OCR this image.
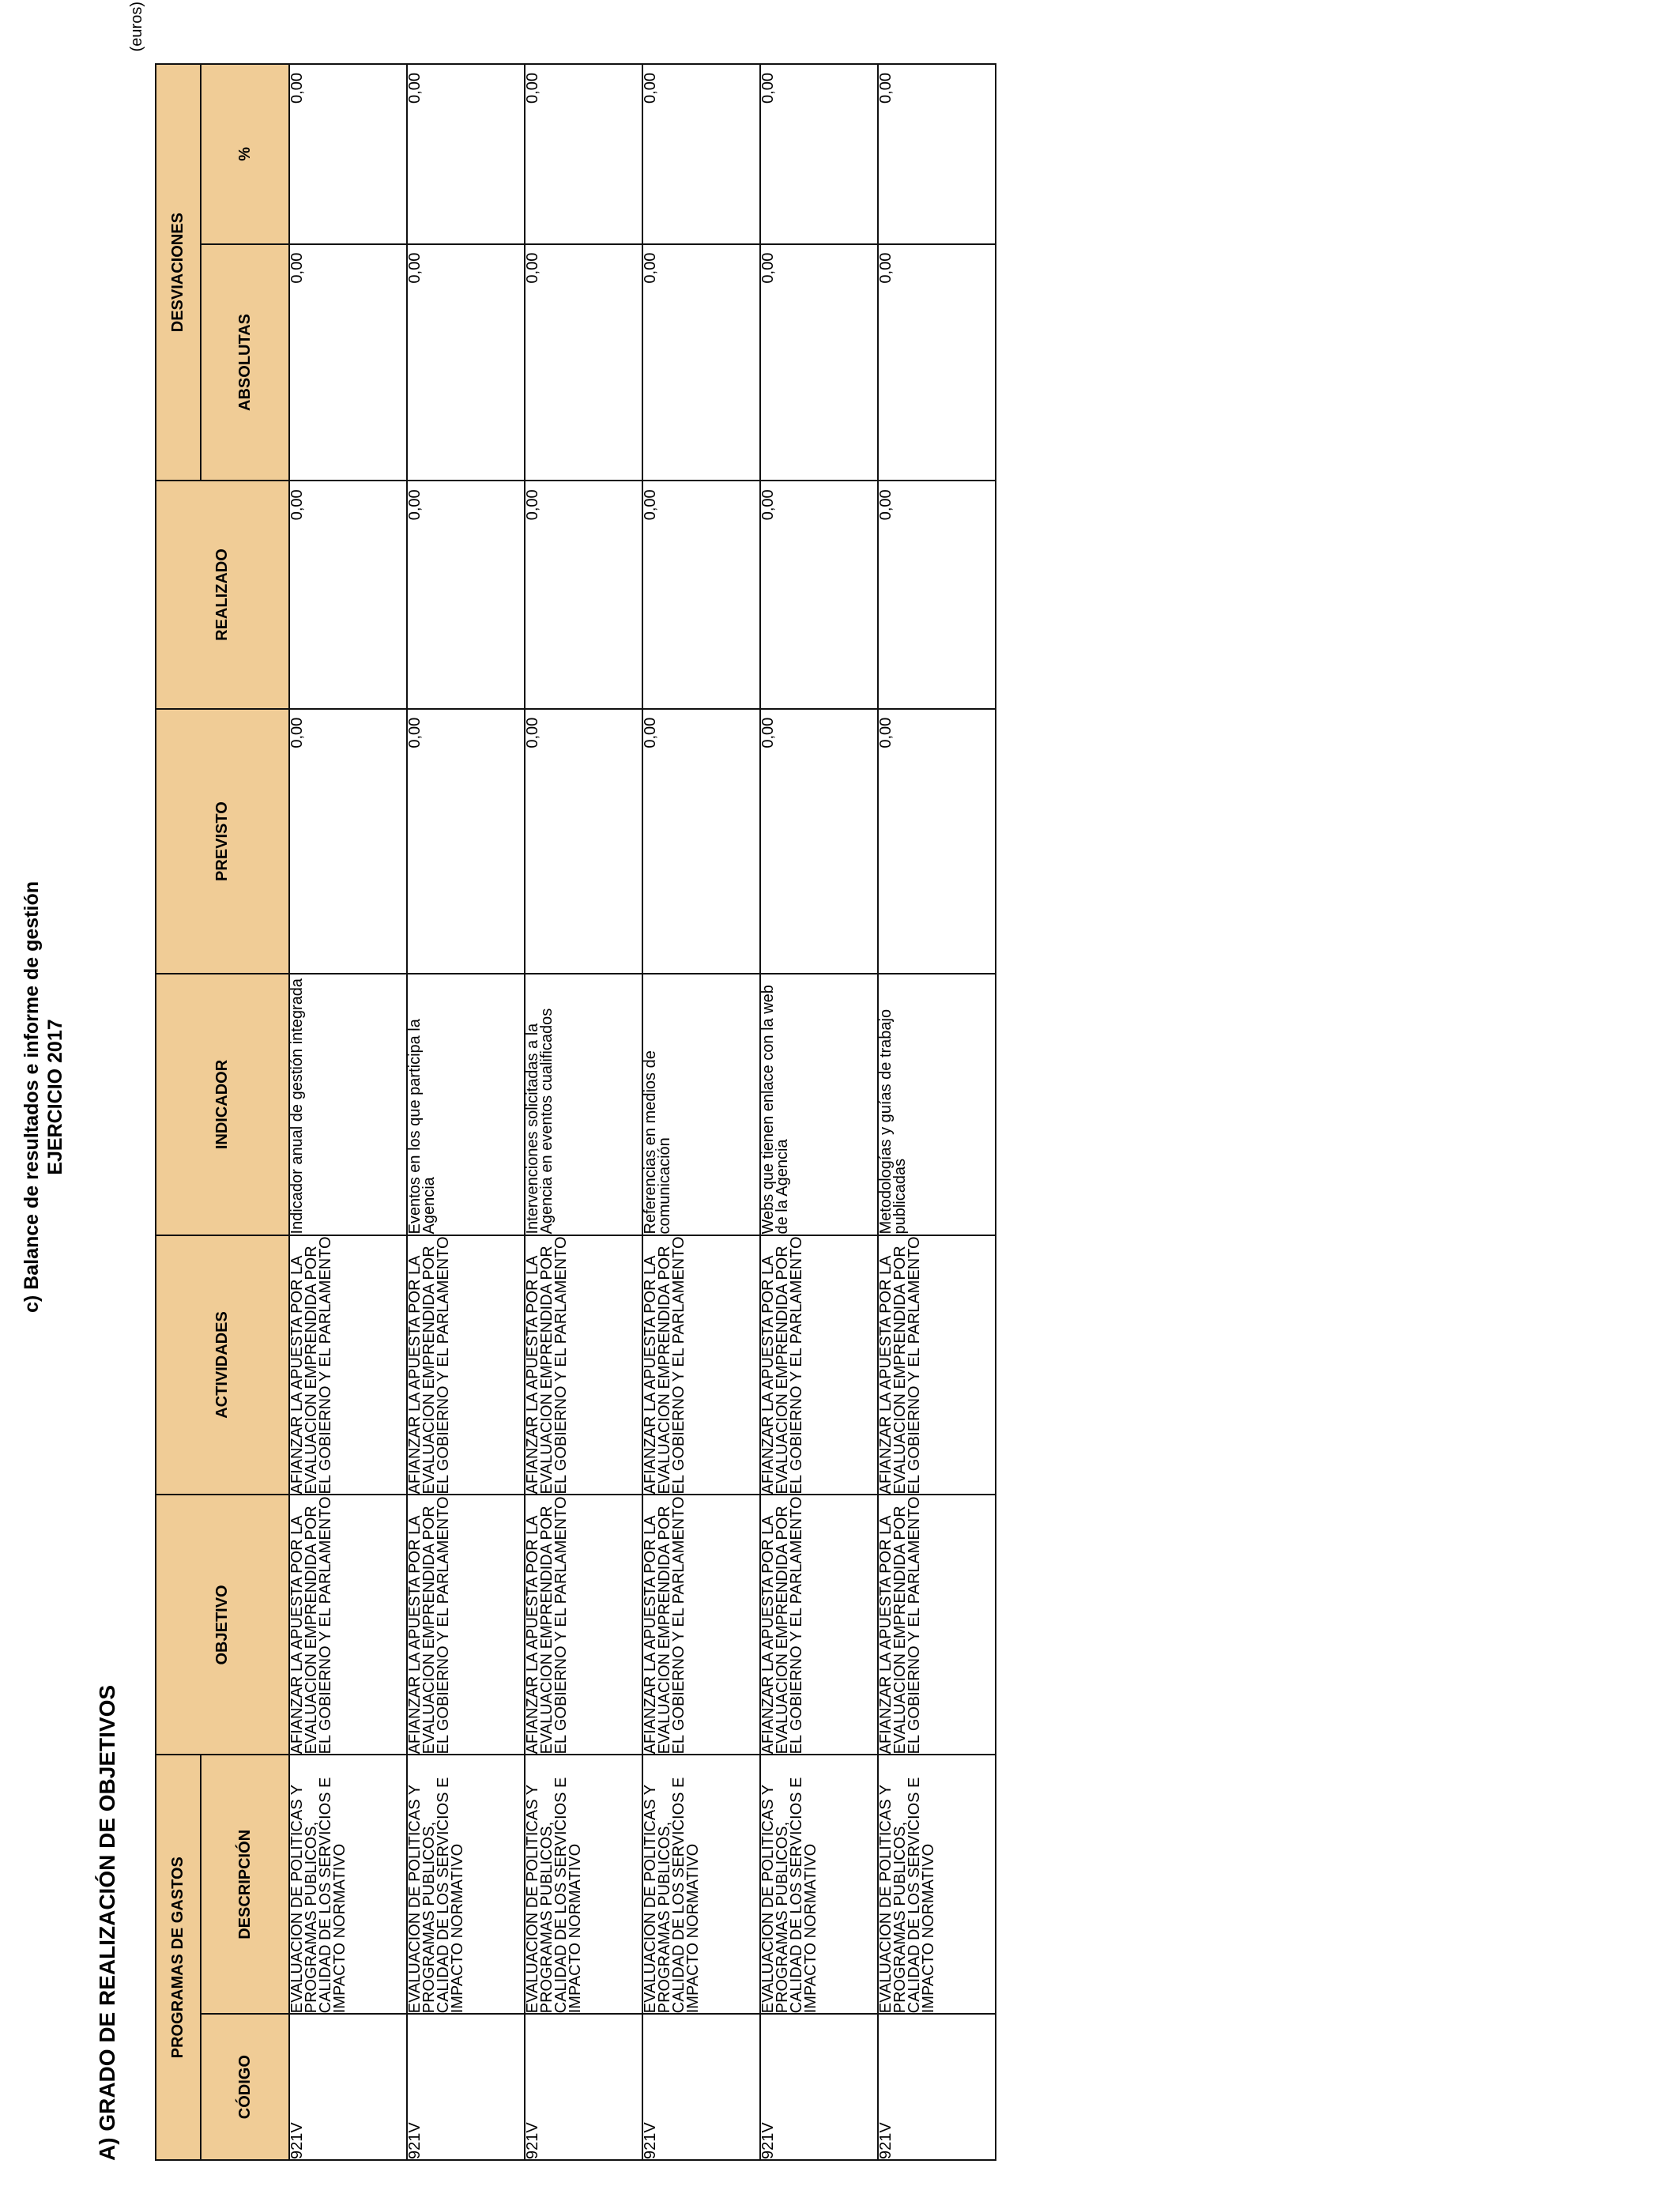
c) Balance de resultados e informe de gestión EJERCICIO 2017
A) GRADO DE REALIZACIÓN DE OBJETIVOS
(euros)
PROGRAMAS DE GASTOS		OBJETIVO	ACTIVIDADES	INDICADOR	PREVISTO	REALIZADO	DESVIACIONES	
CÓDIGO	DESCRIPCIÓN						ABSOLUTAS	%
921V	EVALUACION DE POLITICAS Y PROGRAMAS PUBLICOS, CALIDAD DE LOS SERVICIOS E IMPACTO NORMATIVO	AFIANZAR LA APUESTA POR LA EVALUACION EMPRENDIDA POR EL GOBIERNO Y EL PARLAMENTO	AFIANZAR LA APUESTA POR LA EVALUACION EMPRENDIDA POR EL GOBIERNO Y EL PARLAMENTO	Indicador anual de gestión integrada	0,00	0,00	0,00	0,00
921V	EVALUACION DE POLITICAS Y PROGRAMAS PUBLICOS, CALIDAD DE LOS SERVICIOS E IMPACTO NORMATIVO	AFIANZAR LA APUESTA POR LA EVALUACION EMPRENDIDA POR EL GOBIERNO Y EL PARLAMENTO	AFIANZAR LA APUESTA POR LA EVALUACION EMPRENDIDA POR EL GOBIERNO Y EL PARLAMENTO	Eventos en los que participa la Agencia	0,00	0,00	0,00	0,00
921V	EVALUACION DE POLITICAS Y PROGRAMAS PUBLICOS, CALIDAD DE LOS SERVICIOS E IMPACTO NORMATIVO	AFIANZAR LA APUESTA POR LA EVALUACION EMPRENDIDA POR EL GOBIERNO Y EL PARLAMENTO	AFIANZAR LA APUESTA POR LA EVALUACION EMPRENDIDA POR EL GOBIERNO Y EL PARLAMENTO	Intervenciones solicitadas a la Agencia en eventos cualificados	0,00	0,00	0,00	0,00
921V	EVALUACION DE POLITICAS Y PROGRAMAS PUBLICOS, CALIDAD DE LOS SERVICIOS E IMPACTO NORMATIVO	AFIANZAR LA APUESTA POR LA EVALUACION EMPRENDIDA POR EL GOBIERNO Y EL PARLAMENTO	AFIANZAR LA APUESTA POR LA EVALUACION EMPRENDIDA POR EL GOBIERNO Y EL PARLAMENTO	Referencias en medios de comunicación	0,00	0,00	0,00	0,00
921V	EVALUACION DE POLITICAS Y PROGRAMAS PUBLICOS, CALIDAD DE LOS SERVICIOS E IMPACTO NORMATIVO	AFIANZAR LA APUESTA POR LA EVALUACION EMPRENDIDA POR EL GOBIERNO Y EL PARLAMENTO	AFIANZAR LA APUESTA POR LA EVALUACION EMPRENDIDA POR EL GOBIERNO Y EL PARLAMENTO	Webs que tienen enlace con la web de la Agencia	0,00	0,00	0,00	0,00
921V	EVALUACION DE POLITICAS Y PROGRAMAS PUBLICOS, CALIDAD DE LOS SERVICIOS E IMPACTO NORMATIVO	AFIANZAR LA APUESTA POR LA EVALUACION EMPRENDIDA POR EL GOBIERNO Y EL PARLAMENTO	AFIANZAR LA APUESTA POR LA EVALUACION EMPRENDIDA POR EL GOBIERNO Y EL PARLAMENTO	Metodologías y guías de trabajo publicadas	0,00	0,00	0,00	0,00
